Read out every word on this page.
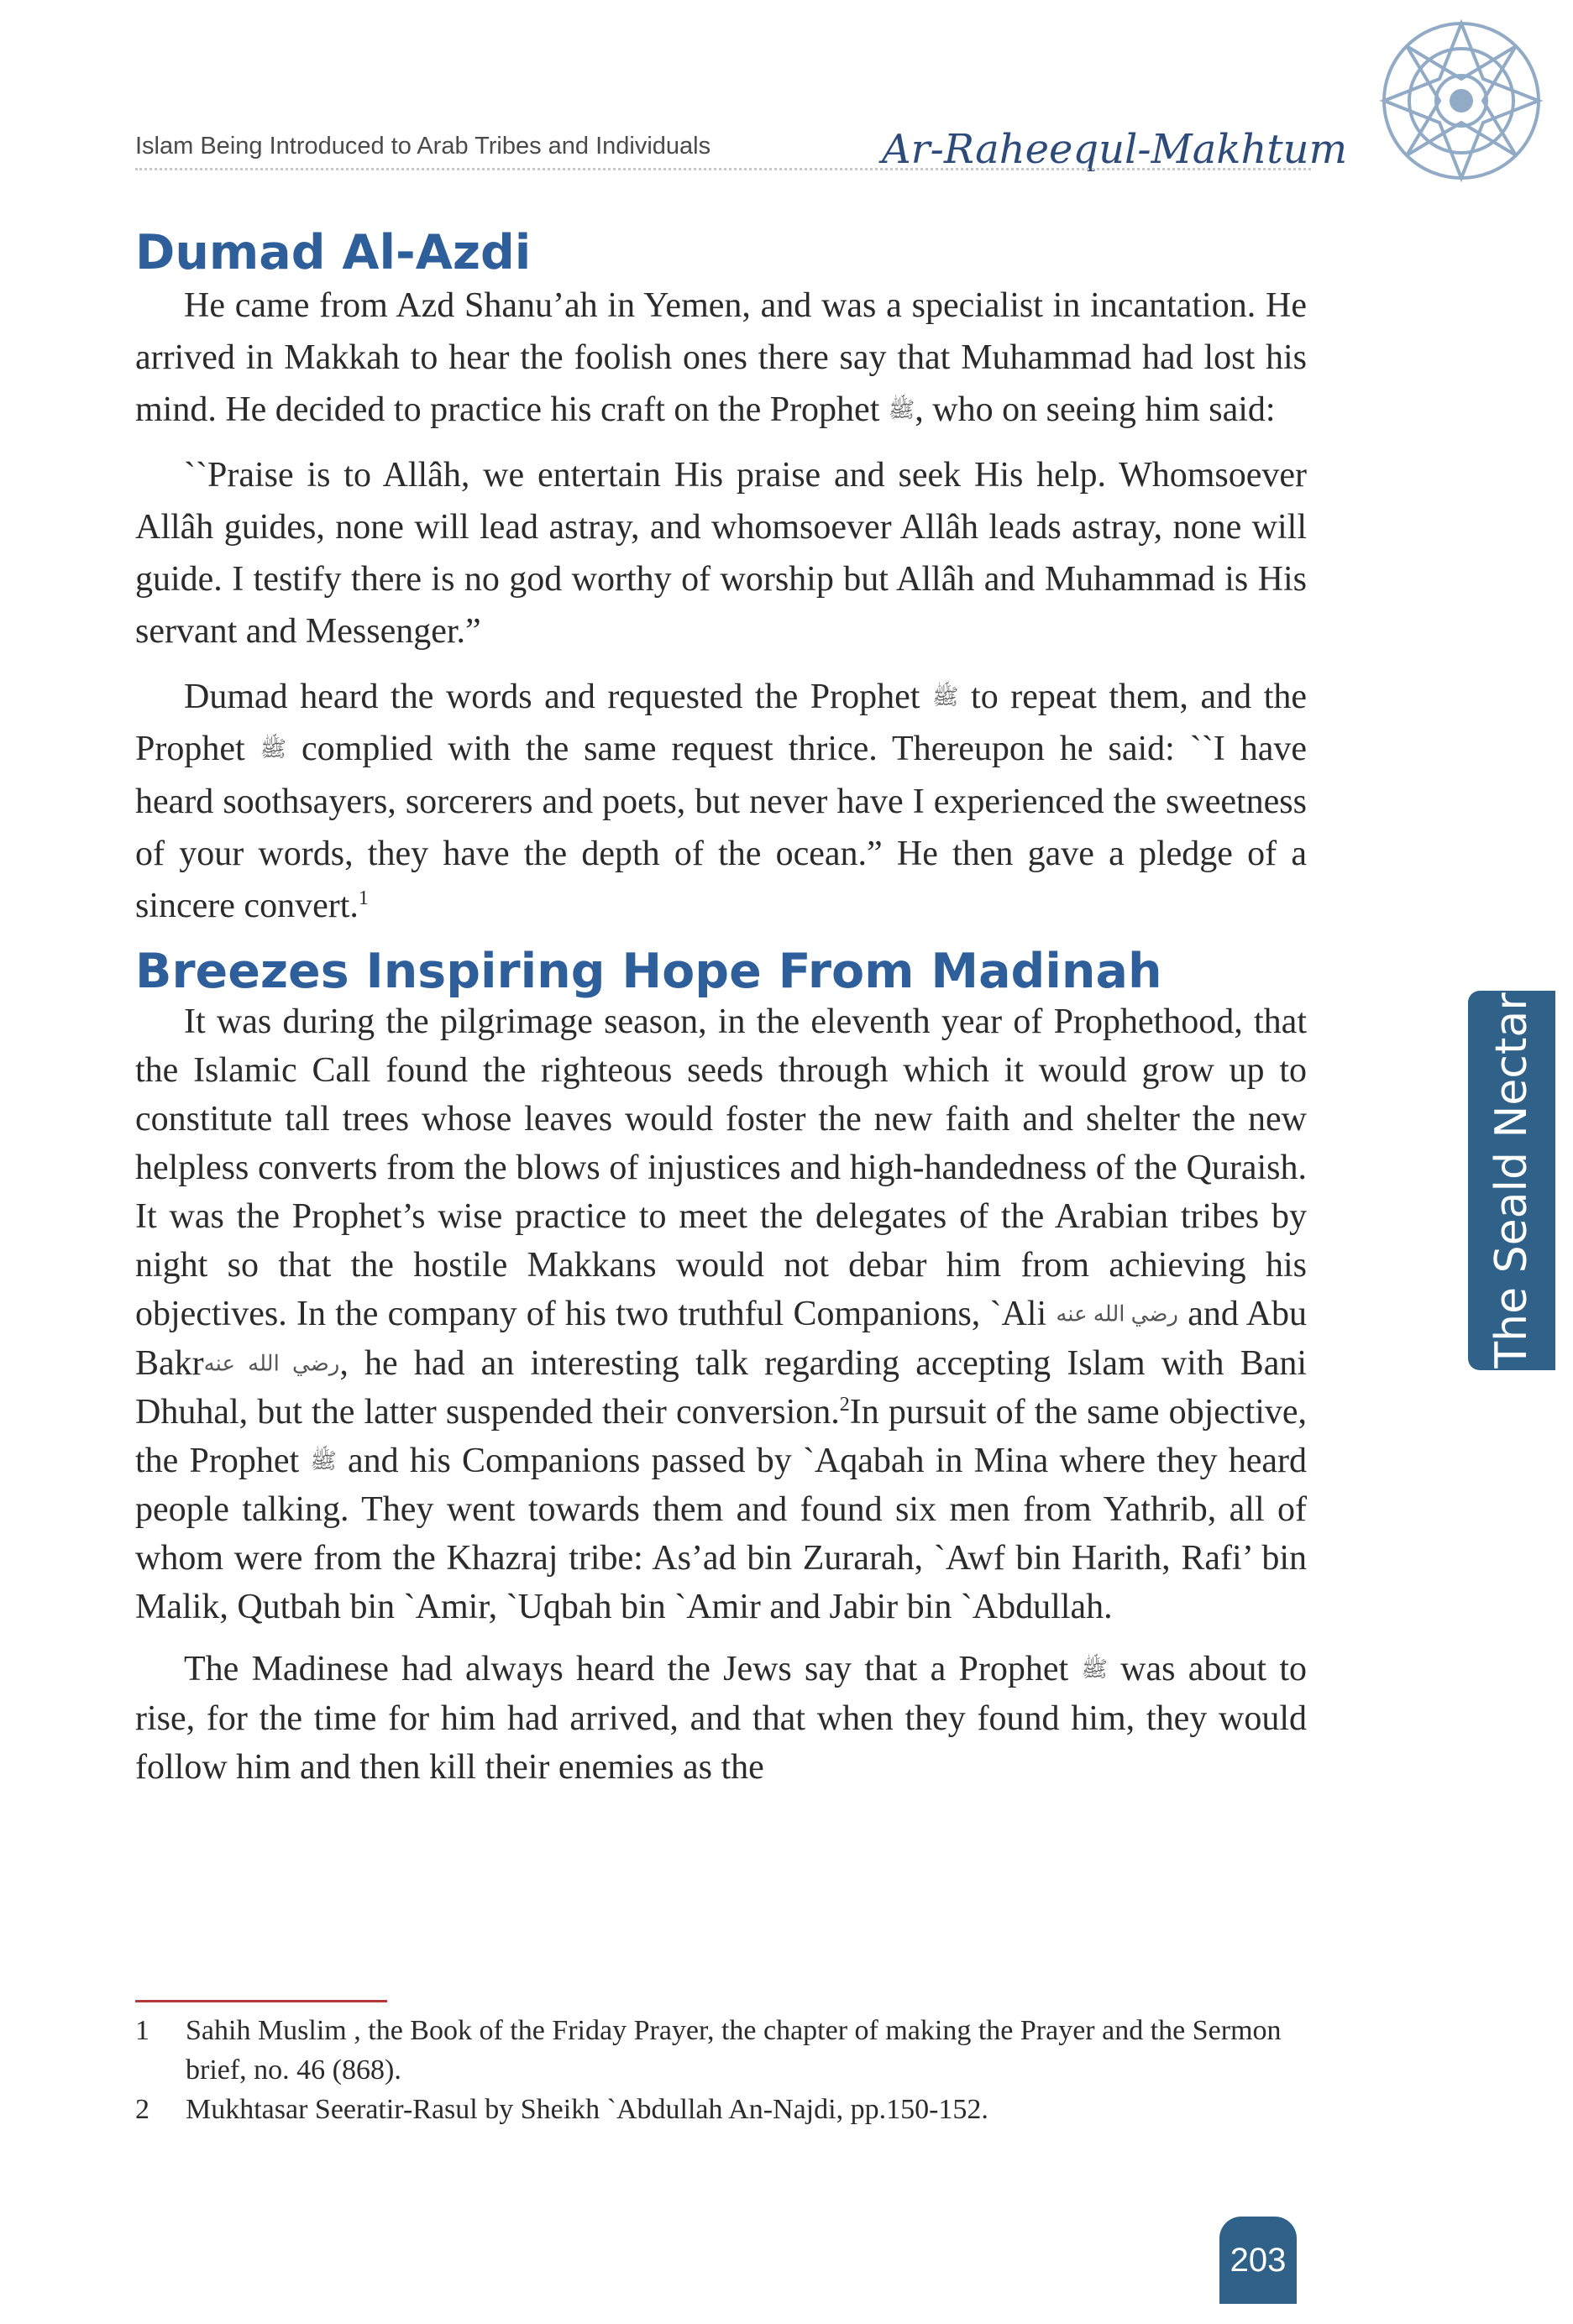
Islam Being Introduced to Arab Tribes and Individuals	Ar-Raheequl-Makhtum
Dumad Al-Azdi

He came from Azd Shanu’ah in Yemen, and was a specialist in incantation. He arrived in Makkah to hear the foolish ones there say that Muhammad had lost his mind. He decided to practice his craft on the Prophet ﷺ, who on seeing him said:

``Praise is to Allâh, we entertain His praise and seek His help. Whomsoever Allâh guides, none will lead astray, and whomsoever Allâh leads astray, none will guide. I testify there is no god worthy of worship but Allâh and Muhammad is His servant and Messenger.”

Dumad heard the words and requested the Prophet ﷺ to repeat them, and the Prophet ﷺ complied with the same request thrice. Thereupon he said: ``I have heard soothsayers, sorcerers and poets, but never have I experienced the sweetness of your words, they have the depth of the ocean.” He then gave a pledge of a sincere convert.$^1$

Breezes Inspiring Hope From Madinah

It was during the pilgrimage season, in the eleventh year of Prophethood, that the Islamic Call found the righteous seeds through which it would grow up to constitute tall trees whose leaves would foster the new faith and shelter the new helpless converts from the blows of injustices and high-handedness of the Quraish. It was the Prophet’s wise practice to meet the delegates of the Arabian tribes by night so that the hostile Makkans would not debar him from achieving his objectives. In the company of his two truthful Companions, `Ali رضي الله عنه and Abu Bakrرضي الله عنه, he had an interesting talk regarding accepting Islam with Bani Dhuhal, but the latter suspended their conversion.$^2$In pursuit of the same objective, the Prophet ﷺ and his Companions passed by `Aqabah in Mina where they heard people talking. They went towards them and found six men from Yathrib, all of whom were from the Khazraj tribe: As’ad bin Zurarah, `Awf bin Harith, Rafi’ bin Malik, Qutbah bin `Amir, `Uqbah bin `Amir and Jabir bin `Abdullah.

The Madinese had always heard the Jews say that a Prophet ﷺ was about to rise, for the time for him had arrived, and that when they found him, they would follow him and then kill their enemies as the

1	Sahih Muslim , the Book of the Friday Prayer, the chapter of making the Prayer and the Sermon brief, no. 46 (868).
2	Mukhtasar Seeratir-Rasul by Sheikh `Abdullah An-Najdi, pp.150-152.
The Seald Nectar
203
